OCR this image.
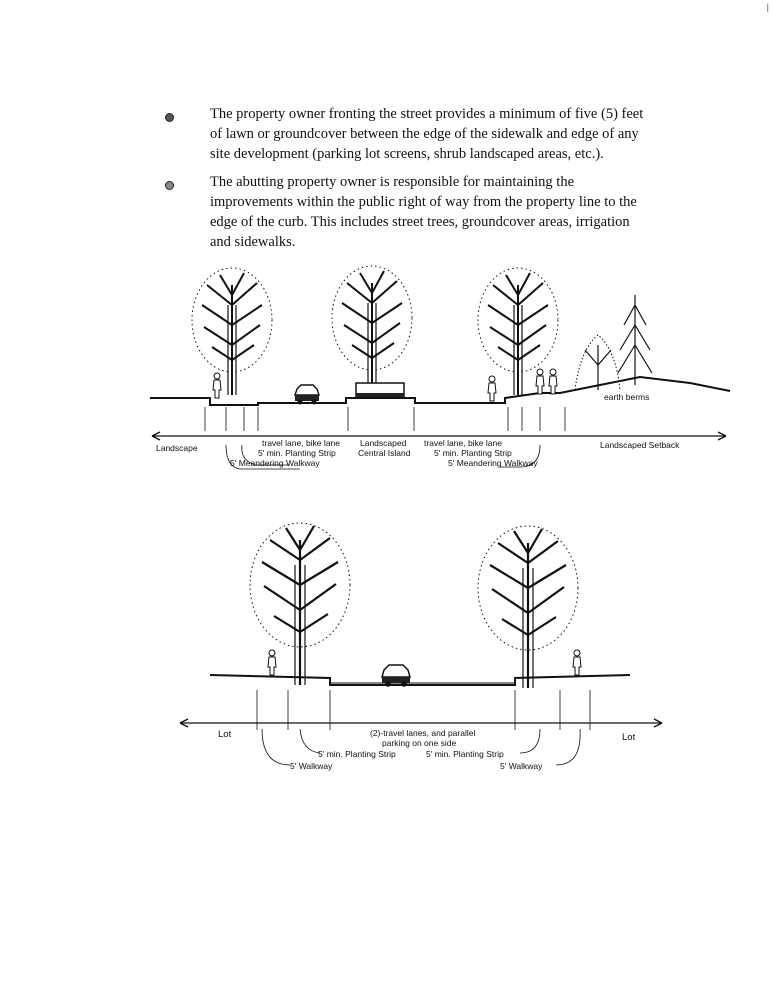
|

The property owner fronting the street provides a minimum of five (5) feet

of lawn or groundcover between the edge of the sidewalk and edge of any

site development (parking lot screens, shrub landscaped areas, etc.).

The abutting property owner is responsible for maintaining the

improvements within the public right of way from the property line to the

edge of the curb. This includes street trees, groundcover areas, irrigation

and sidewalks.

earth berms
Landscape	travel lane, bike lane
5' min. Planting Strip
5' Meandering Walkway
Landscaped
Central Island
travel lane, bike lane
5' min. Planting Strip
5' Meandering Walkway
Landscaped Setback
Lot	(2)-travel lanes, and parallel
parking on one side
5' min. Planting Strip	5' min. Planting Strip
5' Walkway	5' Walkway
Lot
